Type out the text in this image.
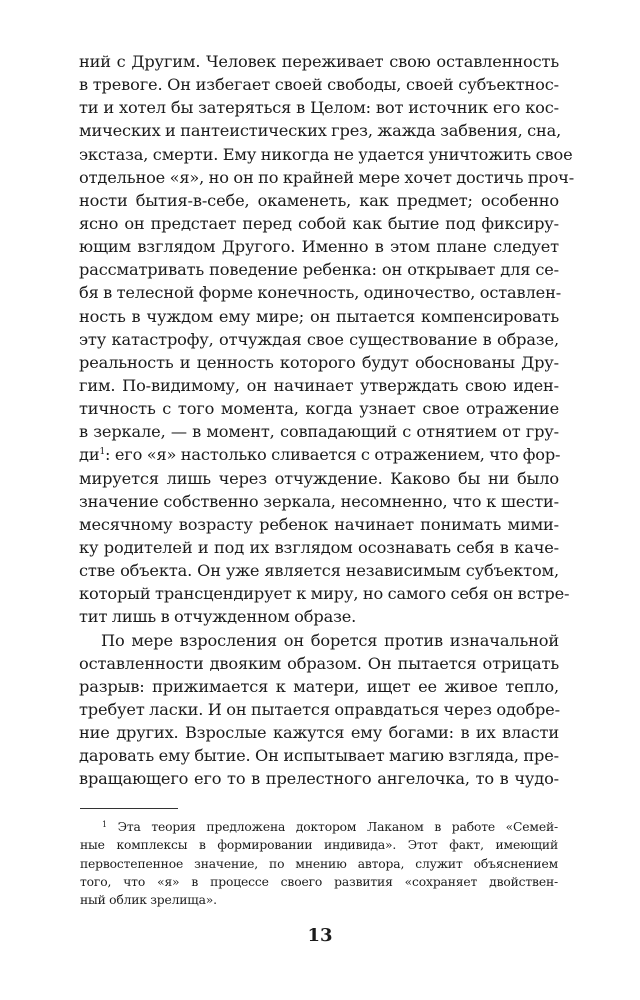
ний с Другим. Человек переживает свою оставленность
в тревоге. Он избегает своей свободы, своей субъектнос-
ти и хотел бы затеряться в Целом: вот источник его кос-
мических и пантеистических грез, жажда забвения, сна,
экстаза, смерти. Ему никогда не удается уничтожить свое
отдельное «я», но он по крайней мере хочет достичь проч-
ности бытия-в-себе, окаменеть, как предмет; особенно
ясно он предстает перед собой как бытие под фиксиру-
ющим взглядом Другого. Именно в этом плане следует
рассматривать поведение ребенка: он открывает для се-
бя в телесной форме конечность, одиночество, оставлен-
ность в чуждом ему мире; он пытается компенсировать
эту катастрофу, отчуждая свое существование в образе,
реальность и ценность которого будут обоснованы Дру-
гим. По-видимому, он начинает утверждать свою иден-
тичность с того момента, когда узнает свое отражение
в зеркале, — в момент, совпадающий с отнятием от гру-
$ди^1$: его «я» настолько сливается с отражением, что фор-
мируется лишь через отчуждение. Каково бы ни было
значение собственно зеркала, несомненно, что к шести-
месячному возрасту ребенок начинает понимать мими-
ку родителей и под их взглядом осознавать себя в каче-
стве объекта. Он уже является независимым субъектом,
который трансцендирует к миру, но самого себя он встре-
тит лишь в отчужденном образе.
По мере взросления он борется против изначальной
оставленности двояким образом. Он пытается отрицать
разрыв: прижимается к матери, ищет ее живое тепло,
требует ласки. И он пытается оправдаться через одобре-
ние других. Взрослые кажутся ему богами: в их власти
даровать ему бытие. Он испытывает магию взгляда, пре-
вращающего его то в прелестного ангелочка, то в чудо-
$^1$ Эта теория предложена доктором Лаканом в работе «Семей-
ные комплексы в формировании индивида». Этот факт, имеющий
первостепенное значение, по мнению автора, служит объяснением
того, что «я» в процессе своего развития «сохраняет двойствен-
ный облик зрелища».
13
